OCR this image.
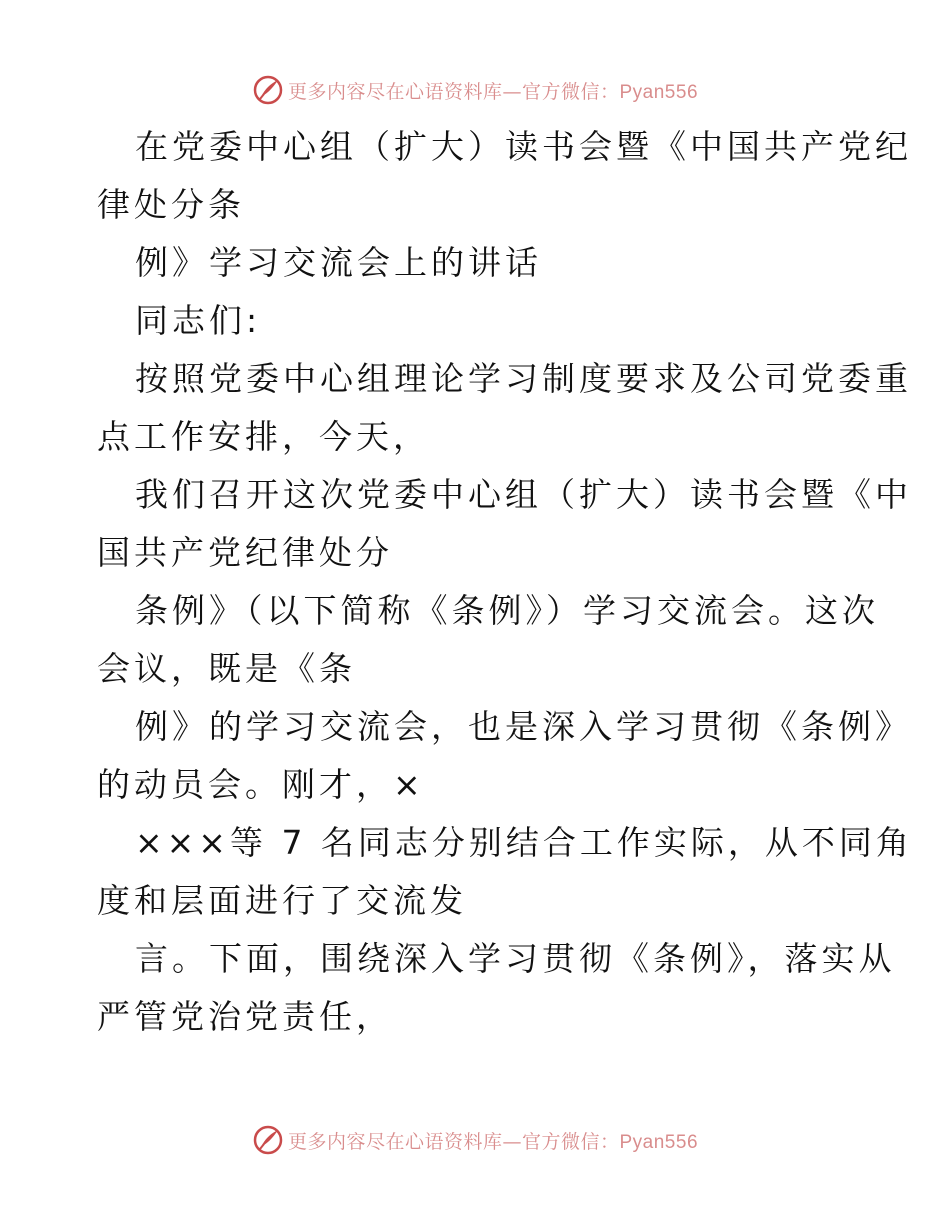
更多内容尽在心语资料库—官方微信：Pyan556

在党委中心组（扩大）读书会暨《中国共产党纪
律处分条

例》学习交流会上的讲话

同志们:

按照党委中心组理论学习制度要求及公司党委重
点工作安排，今天，

我们召开这次党委中心组（扩大）读书会暨《中
国共产党纪律处分

条例》（以下简称《条例》）学习交流会。这次
会议，既是《条

例》的学习交流会，也是深入学习贯彻《条例》
的动员会。刚才，×

×××等 7 名同志分别结合工作实际，从不同角
度和层面进行了交流发

言。下面，围绕深入学习贯彻《条例》，落实从
严管党治党责任，

更多内容尽在心语资料库—官方微信：Pyan556
